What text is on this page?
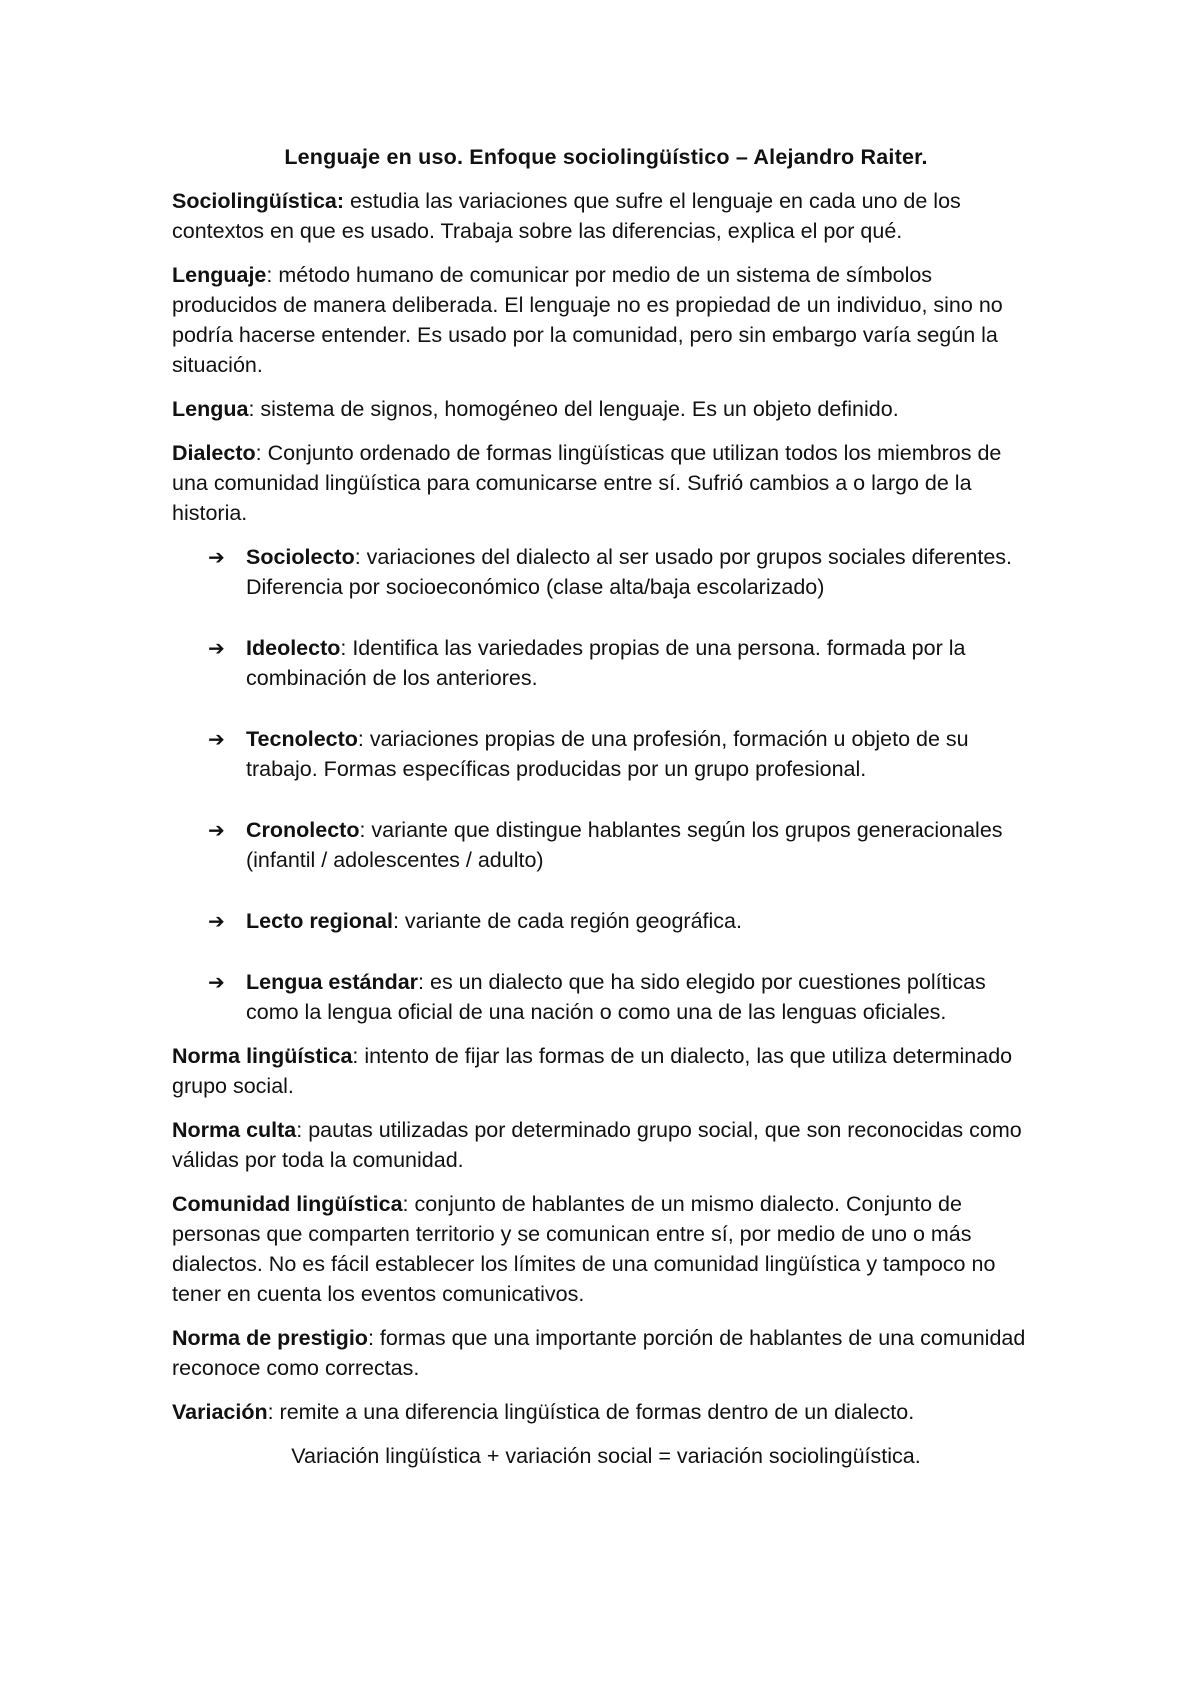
Lenguaje en uso. Enfoque sociolingüístico – Alejandro Raiter.

Sociolingüística: estudia las variaciones que sufre el lenguaje en cada uno de los contextos en que es usado. Trabaja sobre las diferencias, explica el por qué.

Lenguaje: método humano de comunicar por medio de un sistema de símbolos producidos de manera deliberada. El lenguaje no es propiedad de un individuo, sino no podría hacerse entender. Es usado por la comunidad, pero sin embargo varía según la situación.

Lengua: sistema de signos, homogéneo del lenguaje. Es un objeto definido.

Dialecto: Conjunto ordenado de formas lingüísticas que utilizan todos los miembros de una comunidad lingüística para comunicarse entre sí. Sufrió cambios a o largo de la historia.

➔ Sociolecto: variaciones del dialecto al ser usado por grupos sociales diferentes. Diferencia por socioeconómico (clase alta/baja escolarizado)
➔ Ideolecto: Identifica las variedades propias de una persona. formada por la combinación de los anteriores.
➔ Tecnolecto: variaciones propias de una profesión, formación u objeto de su trabajo. Formas específicas producidas por un grupo profesional.
➔ Cronolecto: variante que distingue hablantes según los grupos generacionales (infantil / adolescentes / adulto)
➔ Lecto regional: variante de cada región geográfica.
➔ Lengua estándar: es un dialecto que ha sido elegido por cuestiones políticas como la lengua oficial de una nación o como una de las lenguas oficiales.

Norma lingüística: intento de fijar las formas de un dialecto, las que utiliza determinado grupo social.

Norma culta: pautas utilizadas por determinado grupo social, que son reconocidas como válidas por toda la comunidad.

Comunidad lingüística: conjunto de hablantes de un mismo dialecto. Conjunto de personas que comparten territorio y se comunican entre sí, por medio de uno o más dialectos. No es fácil establecer los límites de una comunidad lingüística y tampoco no tener en cuenta los eventos comunicativos.

Norma de prestigio: formas que una importante porción de hablantes de una comunidad reconoce como correctas.

Variación: remite a una diferencia lingüística de formas dentro de un dialecto.

Variación lingüística + variación social = variación sociolingüística.
